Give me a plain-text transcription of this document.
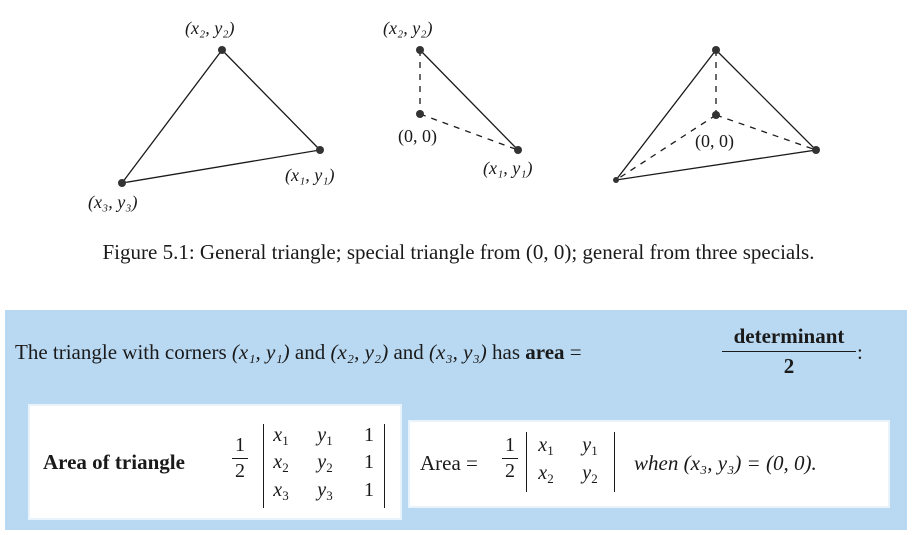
(x₂, y₂)
(x₁, y₁)
(x₃, y₃)
(x₂, y₂)
(0, 0)
(x₁, y₁)
(0, 0)
Figure 5.1: General triangle; special triangle from (0, 0); general from three specials.
The triangle with corners (x₁, y₁) and (x₂, y₂) and (x₃, y₃) has area =
determinant
2
:
Area of triangle
1
2
$x_1$ $y_1$	1
$x_2$ $y_2$	1
$x_3$ $y_3$	1
Area =
1
2
$x_1$ $y_1$
$x_2$ $y_2$
when (x₃, y₃) = (0, 0).
